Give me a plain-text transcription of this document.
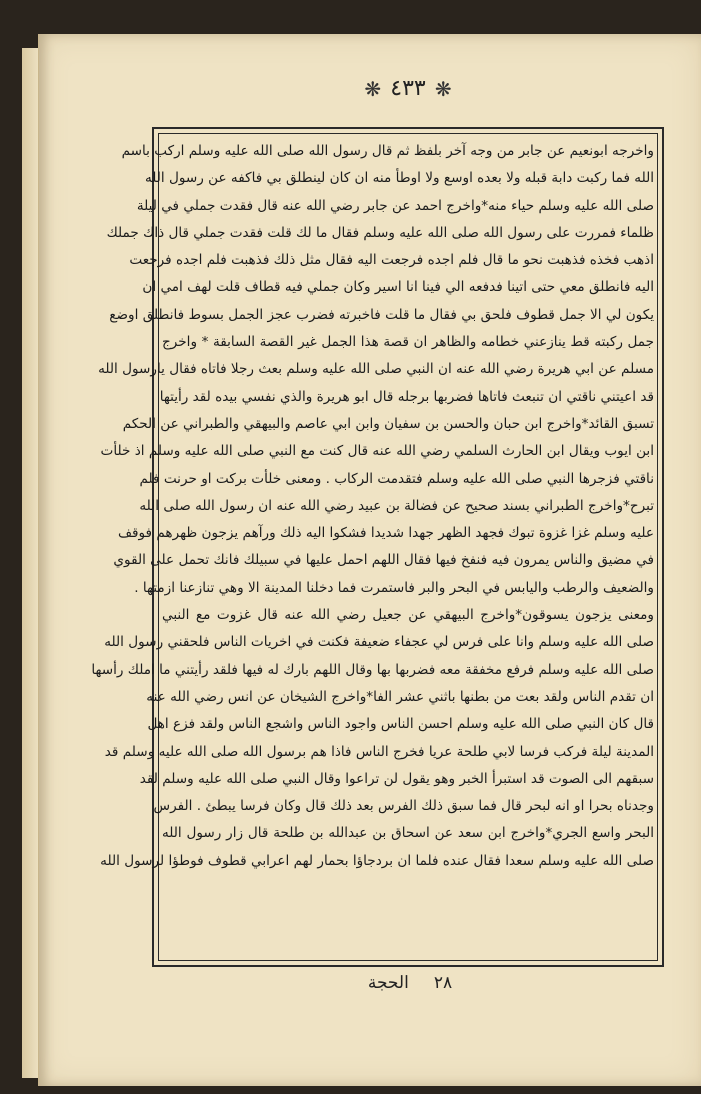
❋ ٤٣٣ ❋
واخرجه ابونعيم عن جابر من وجه آخر بلفظ ثم قال رسول الله صلى الله عليه وسلم اركب باسم
الله فما ركبت دابة قبله ولا بعده اوسع ولا اوطأ منه ان كان لينطلق بي فاكفه عن رسول الله
صلى الله عليه وسلم حياء منه*واخرج احمد عن جابر رضي الله عنه قال فقدت جملي في ليلة
ظلماء فمررت على رسول الله صلى الله عليه وسلم فقال ما لك قلت فقدت جملي قال ذاك جملك
اذهب فخذه فذهبت نحو ما قال فلم اجده فرجعت اليه فقال مثل ذلك فذهبت فلم اجده فرجعت
اليه فانطلق معي حتى اتينا فدفعه الي فينا انا اسير وكان جملي فيه قطاف قلت لهف امي ان
يكون لي الا جمل قطوف فلحق بي فقال ما قلت فاخبرته فضرب عجز الجمل بسوط فانطلق اوضع
جمل ركبته قط ينازعني خطامه والظاهر ان قصة هذا الجمل غير القصة السابقة * واخرج
مسلم عن ابي هريرة رضي الله عنه ان النبي صلى الله عليه وسلم بعث رجلا فاتاه فقال يارسول الله
قد اعيتني ناقتي ان تنبعث فاتاها فضربها برجله قال ابو هريرة والذي نفسي بيده لقد رأيتها
تسبق القائد*واخرج ابن حبان والحسن بن سفيان وابن ابي عاصم والبيهقي والطبراني عن الحكم
ابن ايوب ويقال ابن الحارث السلمي رضي الله عنه قال كنت مع النبي صلى الله عليه وسلم اذ خلأت
ناقتي فزجرها النبي صلى الله عليه وسلم فتقدمت الركاب . ومعنى خلأت بركت او حرنت فلم
تبرح*واخرج الطبراني بسند صحيح عن فضالة بن عبيد رضي الله عنه ان رسول الله صلى الله
عليه وسلم غزا غزوة تبوك فجهد الظهر جهدا شديدا فشكوا اليه ذلك ورآهم يزجون ظهرهم فوقف
في مضيق والناس يمرون فيه فنفخ فيها فقال اللهم احمل عليها في سبيلك فانك تحمل على القوي
والضعيف والرطب واليابس في البحر والبر فاستمرت فما دخلنا المدينة الا وهي تنازعنا ازمتها .
ومعنى يزجون يسوقون*واخرج البيهقي عن جعيل رضي الله عنه قال غزوت مع النبي
صلى الله عليه وسلم وانا على فرس لي عجفاء ضعيفة فكنت في اخريات الناس فلحقني رسول الله
صلى الله عليه وسلم فرفع مخفقة معه فضربها بها وقال اللهم بارك له فيها فلقد رأيتني ما املك رأسها
ان تقدم الناس ولقد بعت من بطنها باثني عشر الفا*واخرج الشيخان عن انس رضي الله عنه
قال كان النبي صلى الله عليه وسلم احسن الناس واجود الناس واشجع الناس ولقد فزع اهل
المدينة ليلة فركب فرسا لابي طلحة عريا فخرج الناس فاذا هم برسول الله صلى الله عليه وسلم قد
سبقهم الى الصوت قد استبرأ الخبر وهو يقول لن تراعوا وقال النبي صلى الله عليه وسلم لقد
وجدناه بحرا او انه لبحر قال فما سبق ذلك الفرس بعد ذلك قال وكان فرسا يبطئ . الفرس
البحر واسع الجري*واخرج ابن سعد عن اسحاق بن عبدالله بن طلحة قال زار رسول الله
صلى الله عليه وسلم سعدا فقال عنده فلما ان بردجاؤا بحمار لهم اعرابي قطوف فوطؤا لرسول الله
٢٨ الحجة
